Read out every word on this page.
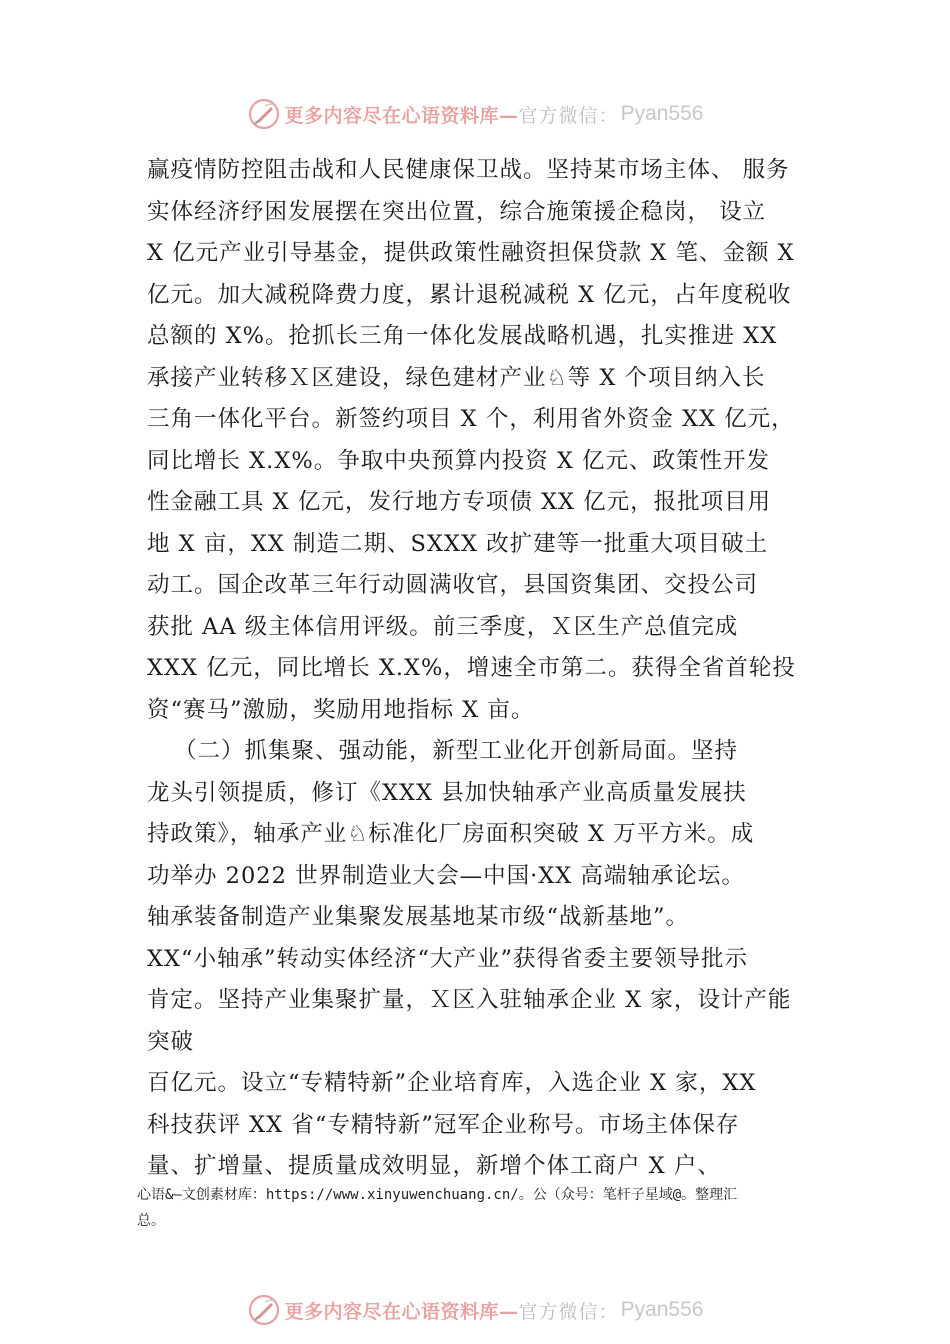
更多内容尽在心语资料库— 官方微信： Pyan556
赢疫情防控阻击战和人民健康保卫战。坚持某市场主体、 服务
实体经济纾困发展摆在突出位置，综合施策援企稳岗， 设立
X 亿元产业引导基金，提供政策性融资担保贷款 X 笔、金额 X
亿元。加大减税降费力度，累计退税减税 X 亿元，占年度税收
总额的 X%。抢抓长三角一体化发展战略机遇，扎实推进 XX
承接产业转移Ｘ区建设，绿色建材产业♘等 X 个项目纳入长
三角一体化平台。新签约项目 X 个，利用省外资金 XX 亿元，
同比增长 X.X%。争取中央预算内投资 X 亿元、政策性开发
性金融工具 X 亿元，发行地方专项债 XX 亿元，报批项目用
地 X 亩，XX 制造二期、SXXX 改扩建等一批重大项目破土
动工。国企改革三年行动圆满收官，县国资集团、交投公司
获批 AA 级主体信用评级。前三季度，Ｘ区生产总值完成
XXX 亿元，同比增长 X.X%，增速全市第二。获得全省首轮投
资“赛马”激励，奖励用地指标 X 亩。
（二）抓集聚、强动能，新型工业化开创新局面。坚持
龙头引领提质，修订《XXX 县加快轴承产业高质量发展扶
持政策》，轴承产业♘标准化厂房面积突破 X 万平方米。成
功举办 2022 世界制造业大会—中国·XX 高端轴承论坛。
轴承装备制造产业集聚发展基地某市级“战新基地”。
XX“小轴承”转动实体经济“大产业”获得省委主要领导批示
肯定。坚持产业集聚扩量，Ｘ区入驻轴承企业 X 家，设计产能
突破
百亿元。设立“专精特新”企业培育库，入选企业 X 家，XX
科技获评 XX 省“专精特新”冠军企业称号。市场主体保存
量、扩增量、提质量成效明显，新增个体工商户 X 户、
心语&—文创素材库：https://www.xinyuwenchuang.cn/。公（众号：笔杆子星域@。整理汇
总。
更多内容尽在心语资料库— 官方微信： Pyan556
